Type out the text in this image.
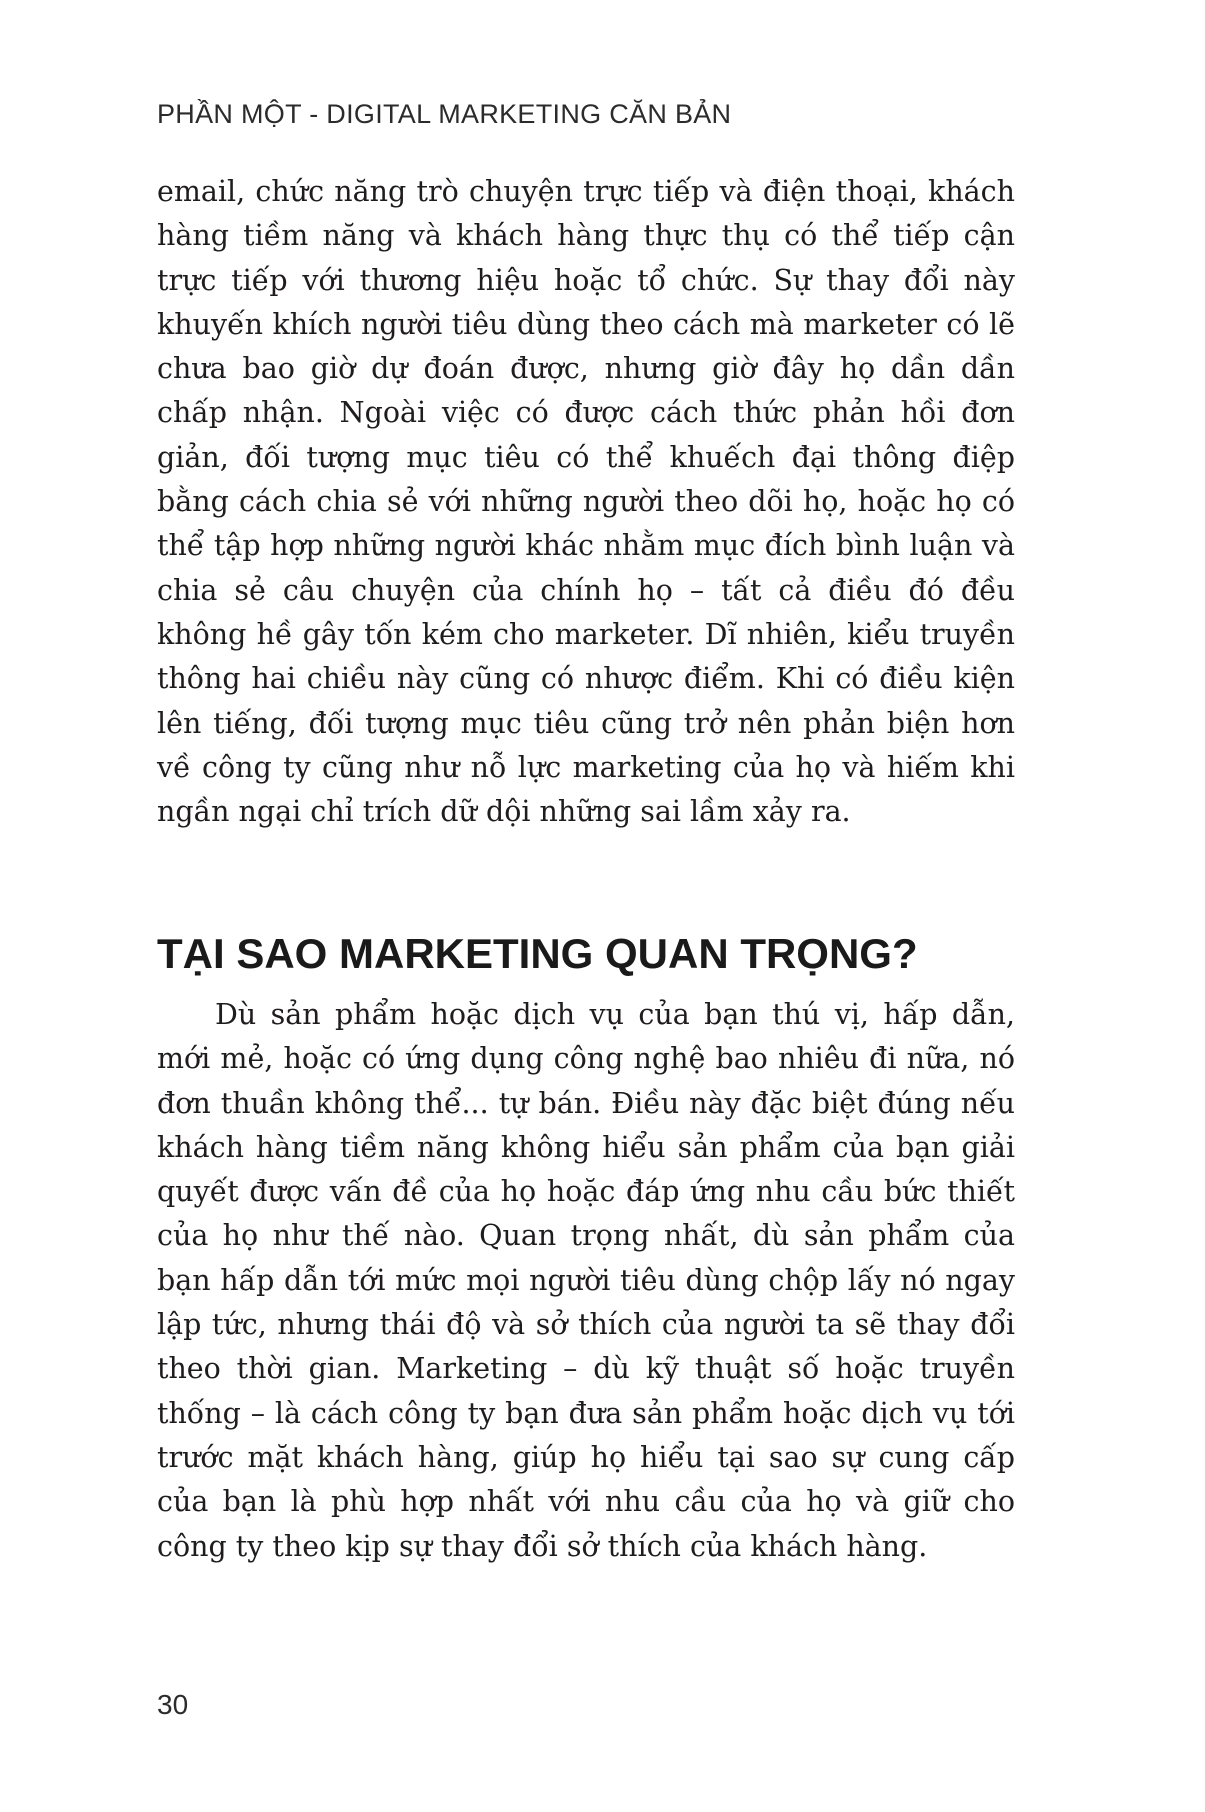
PHẦN MỘT - DIGITAL MARKETING CĂN BẢN

email, chức năng trò chuyện trực tiếp và điện thoại, khách hàng tiềm năng và khách hàng thực thụ có thể tiếp cận trực tiếp với thương hiệu hoặc tổ chức. Sự thay đổi này khuyến khích người tiêu dùng theo cách mà marketer có lẽ chưa bao giờ dự đoán được, nhưng giờ đây họ dần dần chấp nhận. Ngoài việc có được cách thức phản hồi đơn giản, đối tượng mục tiêu có thể khuếch đại thông điệp bằng cách chia sẻ với những người theo dõi họ, hoặc họ có thể tập hợp những người khác nhằm mục đích bình luận và chia sẻ câu chuyện của chính họ – tất cả điều đó đều không hề gây tốn kém cho marketer. Dĩ nhiên, kiểu truyền thông hai chiều này cũng có nhược điểm. Khi có điều kiện lên tiếng, đối tượng mục tiêu cũng trở nên phản biện hơn về công ty cũng như nỗ lực marketing của họ và hiếm khi ngần ngại chỉ trích dữ dội những sai lầm xảy ra.

TẠI SAO MARKETING QUAN TRỌNG?

Dù sản phẩm hoặc dịch vụ của bạn thú vị, hấp dẫn, mới mẻ, hoặc có ứng dụng công nghệ bao nhiêu đi nữa, nó đơn thuần không thể... tự bán. Điều này đặc biệt đúng nếu khách hàng tiềm năng không hiểu sản phẩm của bạn giải quyết được vấn đề của họ hoặc đáp ứng nhu cầu bức thiết của họ như thế nào. Quan trọng nhất, dù sản phẩm của bạn hấp dẫn tới mức mọi người tiêu dùng chộp lấy nó ngay lập tức, nhưng thái độ và sở thích của người ta sẽ thay đổi theo thời gian. Marketing – dù kỹ thuật số hoặc truyền thống – là cách công ty bạn đưa sản phẩm hoặc dịch vụ tới trước mặt khách hàng, giúp họ hiểu tại sao sự cung cấp của bạn là phù hợp nhất với nhu cầu của họ và giữ cho công ty theo kịp sự thay đổi sở thích của khách hàng.

30
